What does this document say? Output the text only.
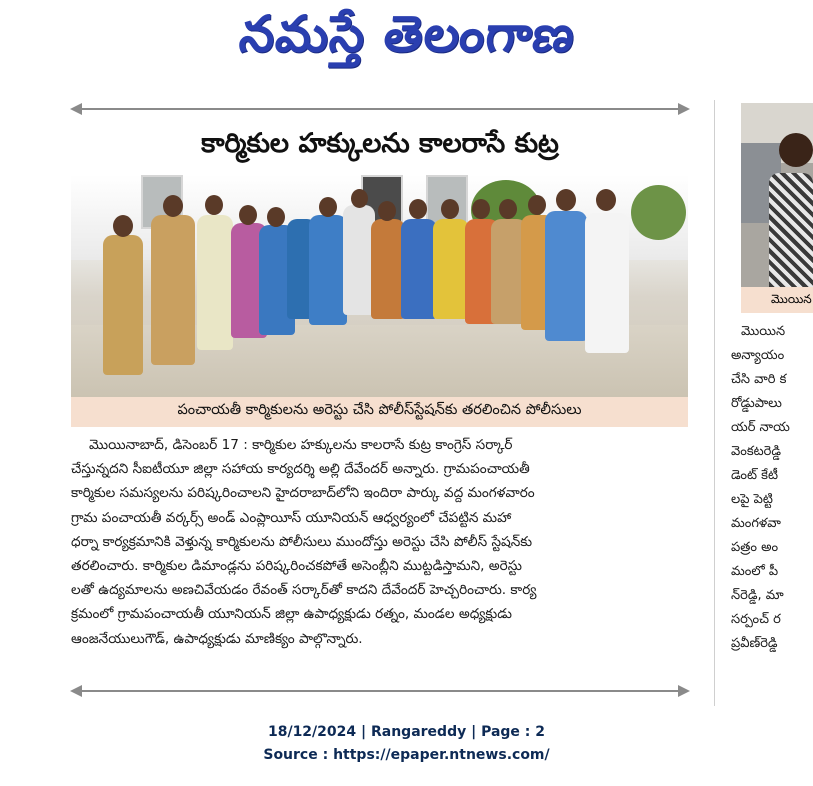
నమస్తే తెలంగాణ
కార్మికుల హక్కులను కాలరాసే కుట్ర
పంచాయతీ కార్మికులను అరెస్టు చేసి పోలీస్‌స్టేషన్‌కు తరలించిన పోలీసులు
మొయినాబాద్, డిసెంబర్ 17 : కార్మికుల హక్కులను కాలరాసే కుట్ర కాంగ్రెస్ సర్కార్
చేస్తున్నదని సీఐటీయూ జిల్లా సహాయ కార్యదర్శి అల్లి దేవేందర్ అన్నారు. గ్రామపంచాయతీ
కార్మికుల సమస్యలను పరిష్కరించాలని హైదరాబాద్‌లోని ఇందిరా పార్కు వద్ద మంగళవారం
గ్రామ పంచాయతీ వర్కర్స్ అండ్ ఎంప్లాయీస్ యూనియన్ ఆధ్వర్యంలో చేపట్టిన మహా
ధర్నా కార్యక్రమానికి వెళ్తున్న కార్మికులను పోలీసులు ముందోస్తు అరెస్టు చేసి పోలీస్ స్టేషన్‌కు
తరలించారు. కార్మికుల డిమాండ్లను పరిష్కరించకపోతే అసెంబ్లీని ముట్టడిస్తామని, అరెస్టు
లతో ఉద్యమాలను అణచివేయడం రేవంత్ సర్కార్‌తో కాదని దేవేందర్ హెచ్చరించారు. కార్య
క్రమంలో గ్రామపంచాయతీ యూనియన్ జిల్లా ఉపాధ్యక్షుడు రత్నం, మండల అధ్యక్షుడు
ఆంజనేయులుగౌడ్, ఉపాధ్యక్షుడు మాణిక్యం పాల్గొన్నారు.
మొయిన
మొయిన
అన్యాయం
చేసి వారి క
రోడ్డుపాలు
యర్ నాయ
వెంకటరెడ్డి
డెంట్ కేటీ
లపై పెట్టి
మంగళవా
పత్రం అం
మంలో పీ
న్‌రెడ్డి, మా
సర్పంచ్ ర
ప్రవీణ్‌రెడ్డి
18/12/2024 | Rangareddy | Page : 2
Source : https://epaper.ntnews.com/
